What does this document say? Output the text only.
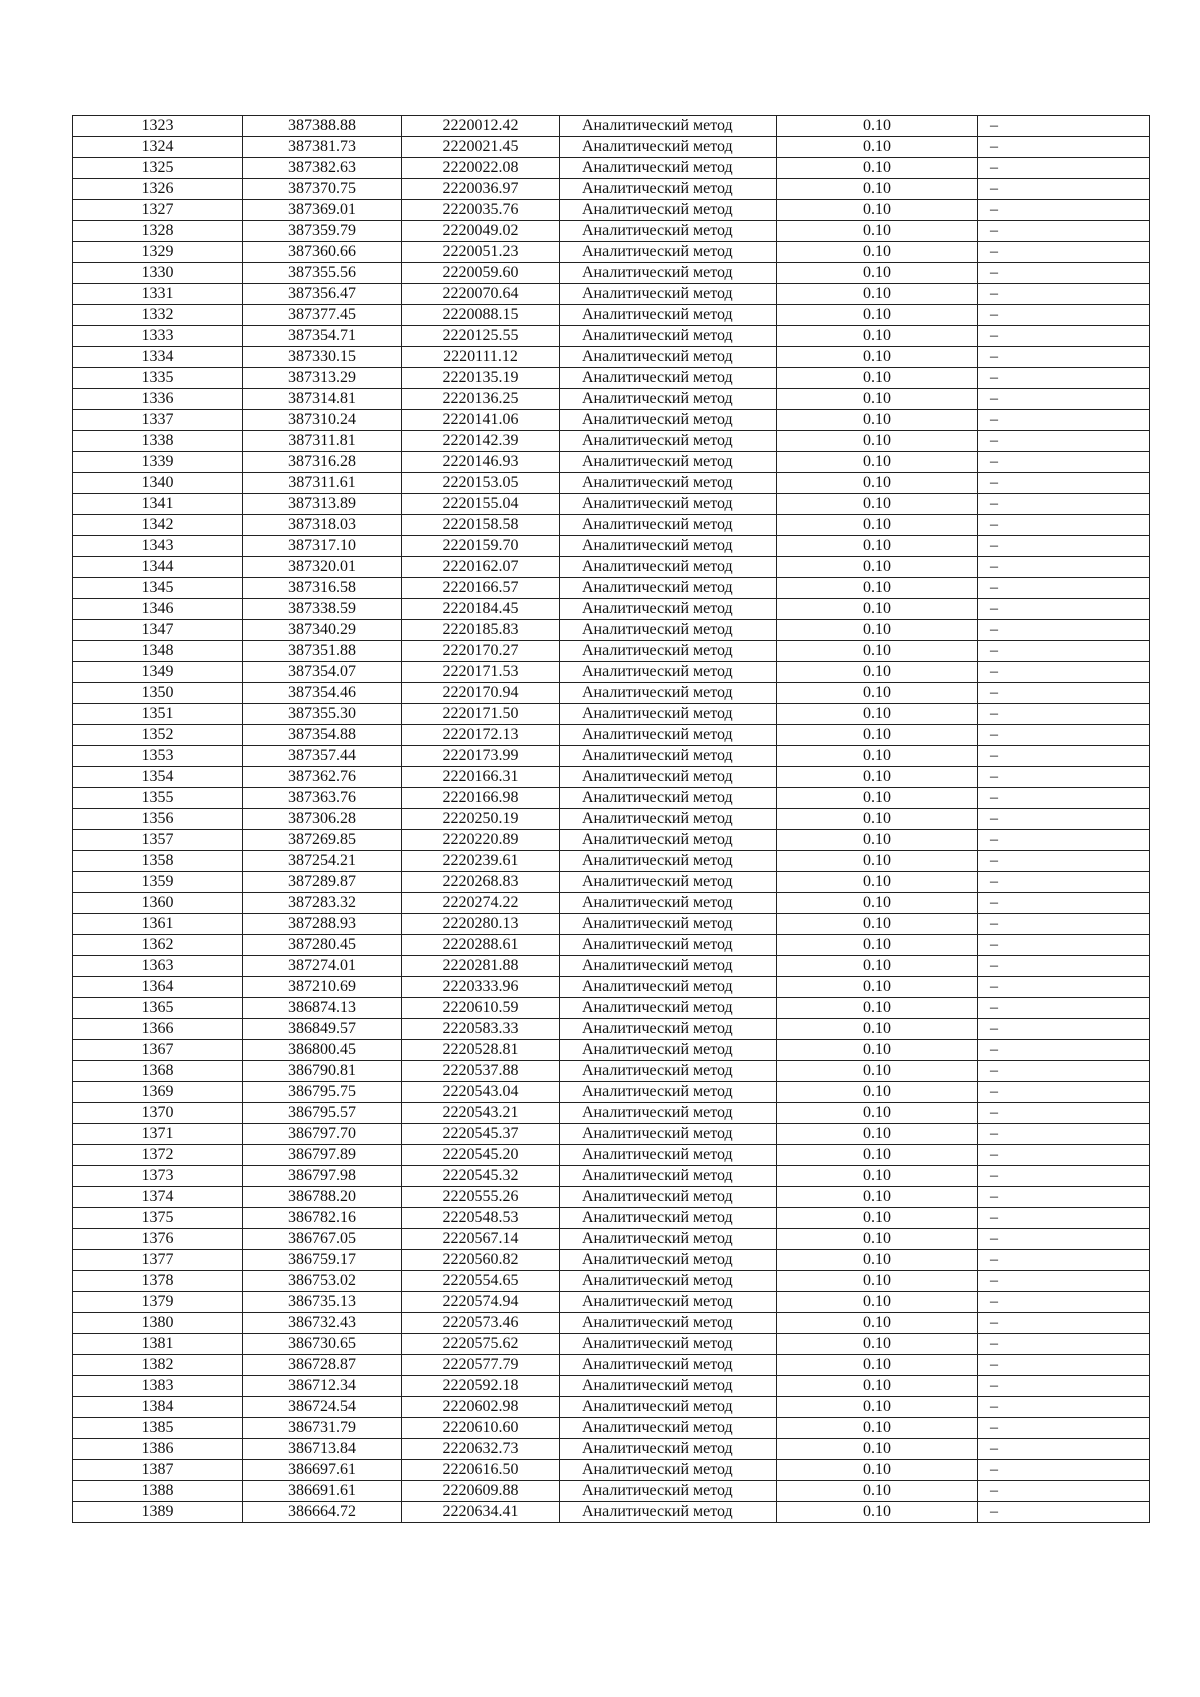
1323	387388.88	2220012.42	Аналитический метод	0.10	–
1324	387381.73	2220021.45	Аналитический метод	0.10	–
1325	387382.63	2220022.08	Аналитический метод	0.10	–
1326	387370.75	2220036.97	Аналитический метод	0.10	–
1327	387369.01	2220035.76	Аналитический метод	0.10	–
1328	387359.79	2220049.02	Аналитический метод	0.10	–
1329	387360.66	2220051.23	Аналитический метод	0.10	–
1330	387355.56	2220059.60	Аналитический метод	0.10	–
1331	387356.47	2220070.64	Аналитический метод	0.10	–
1332	387377.45	2220088.15	Аналитический метод	0.10	–
1333	387354.71	2220125.55	Аналитический метод	0.10	–
1334	387330.15	2220111.12	Аналитический метод	0.10	–
1335	387313.29	2220135.19	Аналитический метод	0.10	–
1336	387314.81	2220136.25	Аналитический метод	0.10	–
1337	387310.24	2220141.06	Аналитический метод	0.10	–
1338	387311.81	2220142.39	Аналитический метод	0.10	–
1339	387316.28	2220146.93	Аналитический метод	0.10	–
1340	387311.61	2220153.05	Аналитический метод	0.10	–
1341	387313.89	2220155.04	Аналитический метод	0.10	–
1342	387318.03	2220158.58	Аналитический метод	0.10	–
1343	387317.10	2220159.70	Аналитический метод	0.10	–
1344	387320.01	2220162.07	Аналитический метод	0.10	–
1345	387316.58	2220166.57	Аналитический метод	0.10	–
1346	387338.59	2220184.45	Аналитический метод	0.10	–
1347	387340.29	2220185.83	Аналитический метод	0.10	–
1348	387351.88	2220170.27	Аналитический метод	0.10	–
1349	387354.07	2220171.53	Аналитический метод	0.10	–
1350	387354.46	2220170.94	Аналитический метод	0.10	–
1351	387355.30	2220171.50	Аналитический метод	0.10	–
1352	387354.88	2220172.13	Аналитический метод	0.10	–
1353	387357.44	2220173.99	Аналитический метод	0.10	–
1354	387362.76	2220166.31	Аналитический метод	0.10	–
1355	387363.76	2220166.98	Аналитический метод	0.10	–
1356	387306.28	2220250.19	Аналитический метод	0.10	–
1357	387269.85	2220220.89	Аналитический метод	0.10	–
1358	387254.21	2220239.61	Аналитический метод	0.10	–
1359	387289.87	2220268.83	Аналитический метод	0.10	–
1360	387283.32	2220274.22	Аналитический метод	0.10	–
1361	387288.93	2220280.13	Аналитический метод	0.10	–
1362	387280.45	2220288.61	Аналитический метод	0.10	–
1363	387274.01	2220281.88	Аналитический метод	0.10	–
1364	387210.69	2220333.96	Аналитический метод	0.10	–
1365	386874.13	2220610.59	Аналитический метод	0.10	–
1366	386849.57	2220583.33	Аналитический метод	0.10	–
1367	386800.45	2220528.81	Аналитический метод	0.10	–
1368	386790.81	2220537.88	Аналитический метод	0.10	–
1369	386795.75	2220543.04	Аналитический метод	0.10	–
1370	386795.57	2220543.21	Аналитический метод	0.10	–
1371	386797.70	2220545.37	Аналитический метод	0.10	–
1372	386797.89	2220545.20	Аналитический метод	0.10	–
1373	386797.98	2220545.32	Аналитический метод	0.10	–
1374	386788.20	2220555.26	Аналитический метод	0.10	–
1375	386782.16	2220548.53	Аналитический метод	0.10	–
1376	386767.05	2220567.14	Аналитический метод	0.10	–
1377	386759.17	2220560.82	Аналитический метод	0.10	–
1378	386753.02	2220554.65	Аналитический метод	0.10	–
1379	386735.13	2220574.94	Аналитический метод	0.10	–
1380	386732.43	2220573.46	Аналитический метод	0.10	–
1381	386730.65	2220575.62	Аналитический метод	0.10	–
1382	386728.87	2220577.79	Аналитический метод	0.10	–
1383	386712.34	2220592.18	Аналитический метод	0.10	–
1384	386724.54	2220602.98	Аналитический метод	0.10	–
1385	386731.79	2220610.60	Аналитический метод	0.10	–
1386	386713.84	2220632.73	Аналитический метод	0.10	–
1387	386697.61	2220616.50	Аналитический метод	0.10	–
1388	386691.61	2220609.88	Аналитический метод	0.10	–
1389	386664.72	2220634.41	Аналитический метод	0.10	–
